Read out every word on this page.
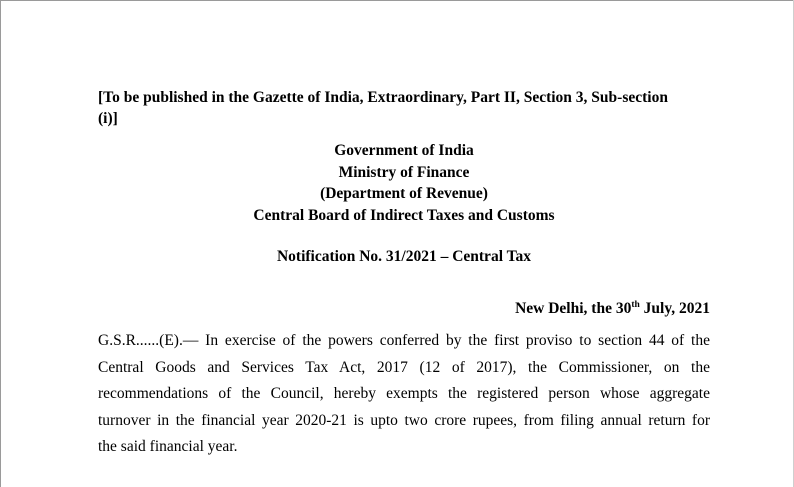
[To be published in the Gazette of India, Extraordinary, Part II, Section 3, Sub-section
(i)]
Government of India
Ministry of Finance
(Department of Revenue)
Central Board of Indirect Taxes and Customs
Notification No. 31/2021 – Central Tax
New Delhi, the 30th July, 2021
G.S.R......(E).— In exercise of the powers conferred by the first proviso to section 44 of the
Central Goods and Services Tax Act, 2017 (12 of 2017), the Commissioner, on the
recommendations of the Council, hereby exempts the registered person whose aggregate
turnover in the financial year 2020-21 is upto two crore rupees, from filing annual return for
the said financial year.
